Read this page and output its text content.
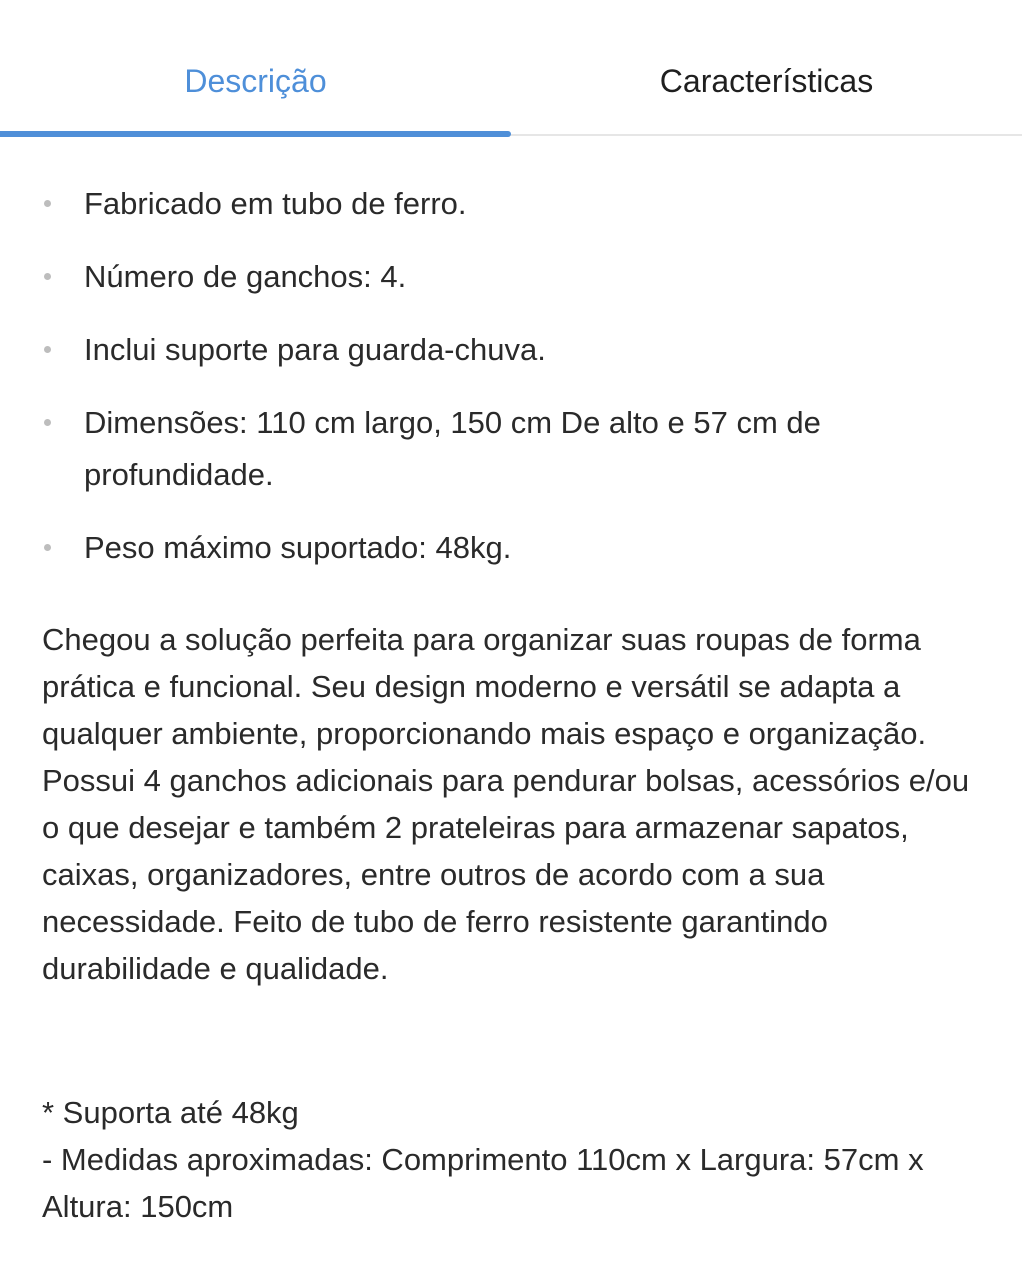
Descrição	Características
Fabricado em tubo de ferro.
Número de ganchos: 4.
Inclui suporte para guarda-chuva.
Dimensões: 110 cm largo, 150 cm De alto e 57 cm de profundidade.
Peso máximo suportado: 48kg.

Chegou a solução perfeita para organizar suas roupas de forma prática e funcional. Seu design moderno e versátil se adapta a qualquer ambiente, proporcionando mais espaço e organização. Possui 4 ganchos adicionais para pendurar bolsas, acessórios e/ou o que desejar e também 2 prateleiras para armazenar sapatos, caixas, organizadores, entre outros de acordo com a sua necessidade. Feito de tubo de ferro resistente garantindo durabilidade e qualidade.

* Suporta até 48kg

- Medidas aproximadas: Comprimento 110cm x Largura: 57cm x Altura: 150cm
